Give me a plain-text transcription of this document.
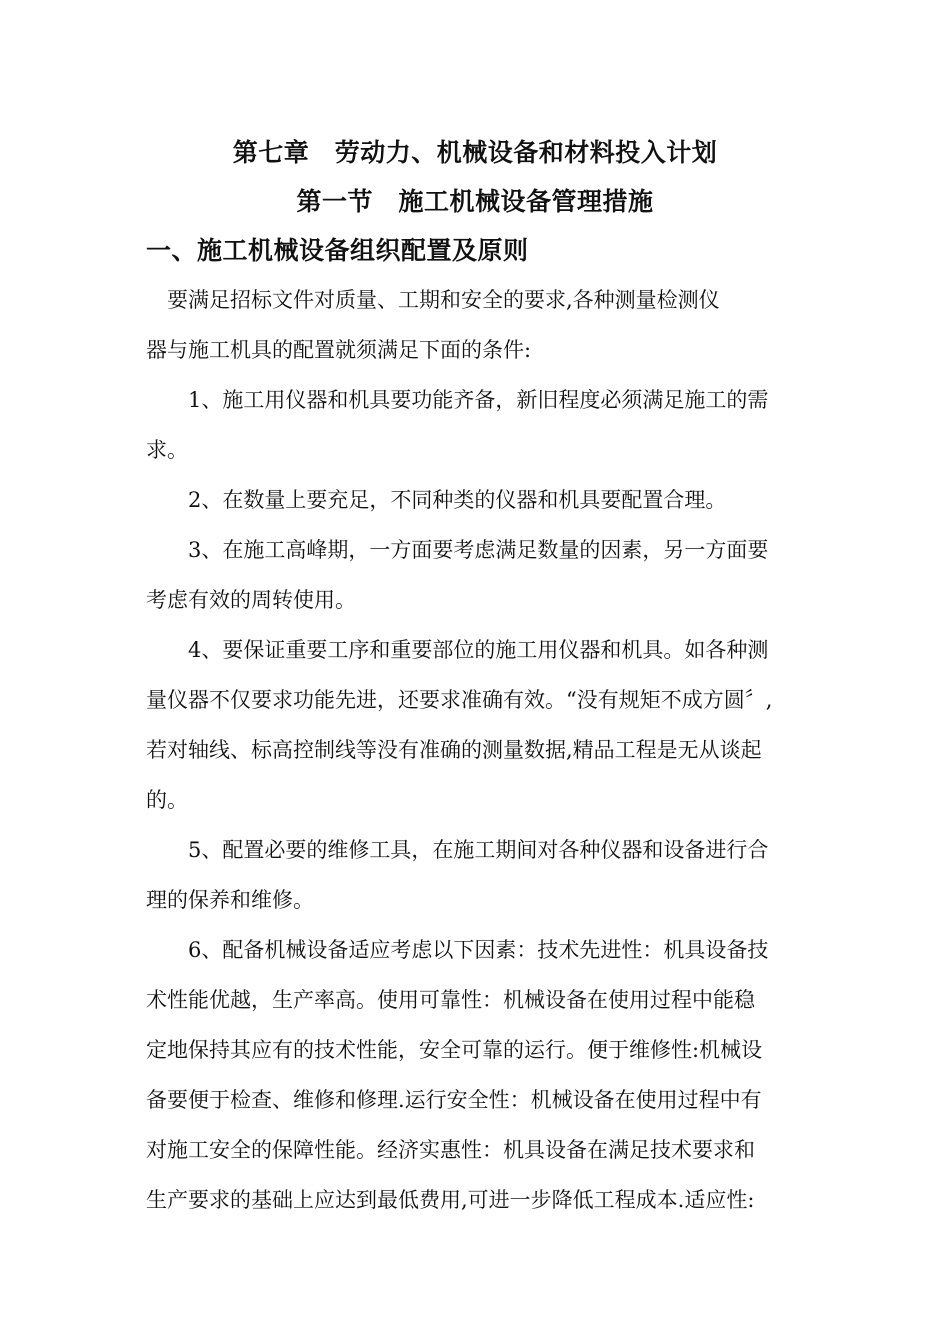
第七章　劳动力、机械设备和材料投入计划
第一节　施工机械设备管理措施
一、施工机械设备组织配置及原则
　要满足招标文件对质量、工期和安全的要求,各种测量检测仪
器与施工机具的配置就须满足下面的条件:
　　1、施工用仪器和机具要功能齐备，新旧程度必须满足施工的需
求。
　　2、在数量上要充足，不同种类的仪器和机具要配置合理。
　　3、在施工高峰期，一方面要考虑满足数量的因素，另一方面要
考虑有效的周转使用。
　　4、要保证重要工序和重要部位的施工用仪器和机具。如各种测
量仪器不仅要求功能先进，还要求准确有效。“没有规矩不成方圆〞,
若对轴线、标高控制线等没有准确的测量数据,精品工程是无从谈起
的。
　　5、配置必要的维修工具，在施工期间对各种仪器和设备进行合
理的保养和维修。
　　6、配备机械设备适应考虑以下因素：技术先进性：机具设备技
术性能优越，生产率高。使用可靠性：机械设备在使用过程中能稳
定地保持其应有的技术性能，安全可靠的运行。便于维修性:机械设
备要便于检查、维修和修理.运行安全性：机械设备在使用过程中有
对施工安全的保障性能。经济实惠性：机具设备在满足技术要求和
生产要求的基础上应达到最低费用,可进一步降低工程成本.适应性:
